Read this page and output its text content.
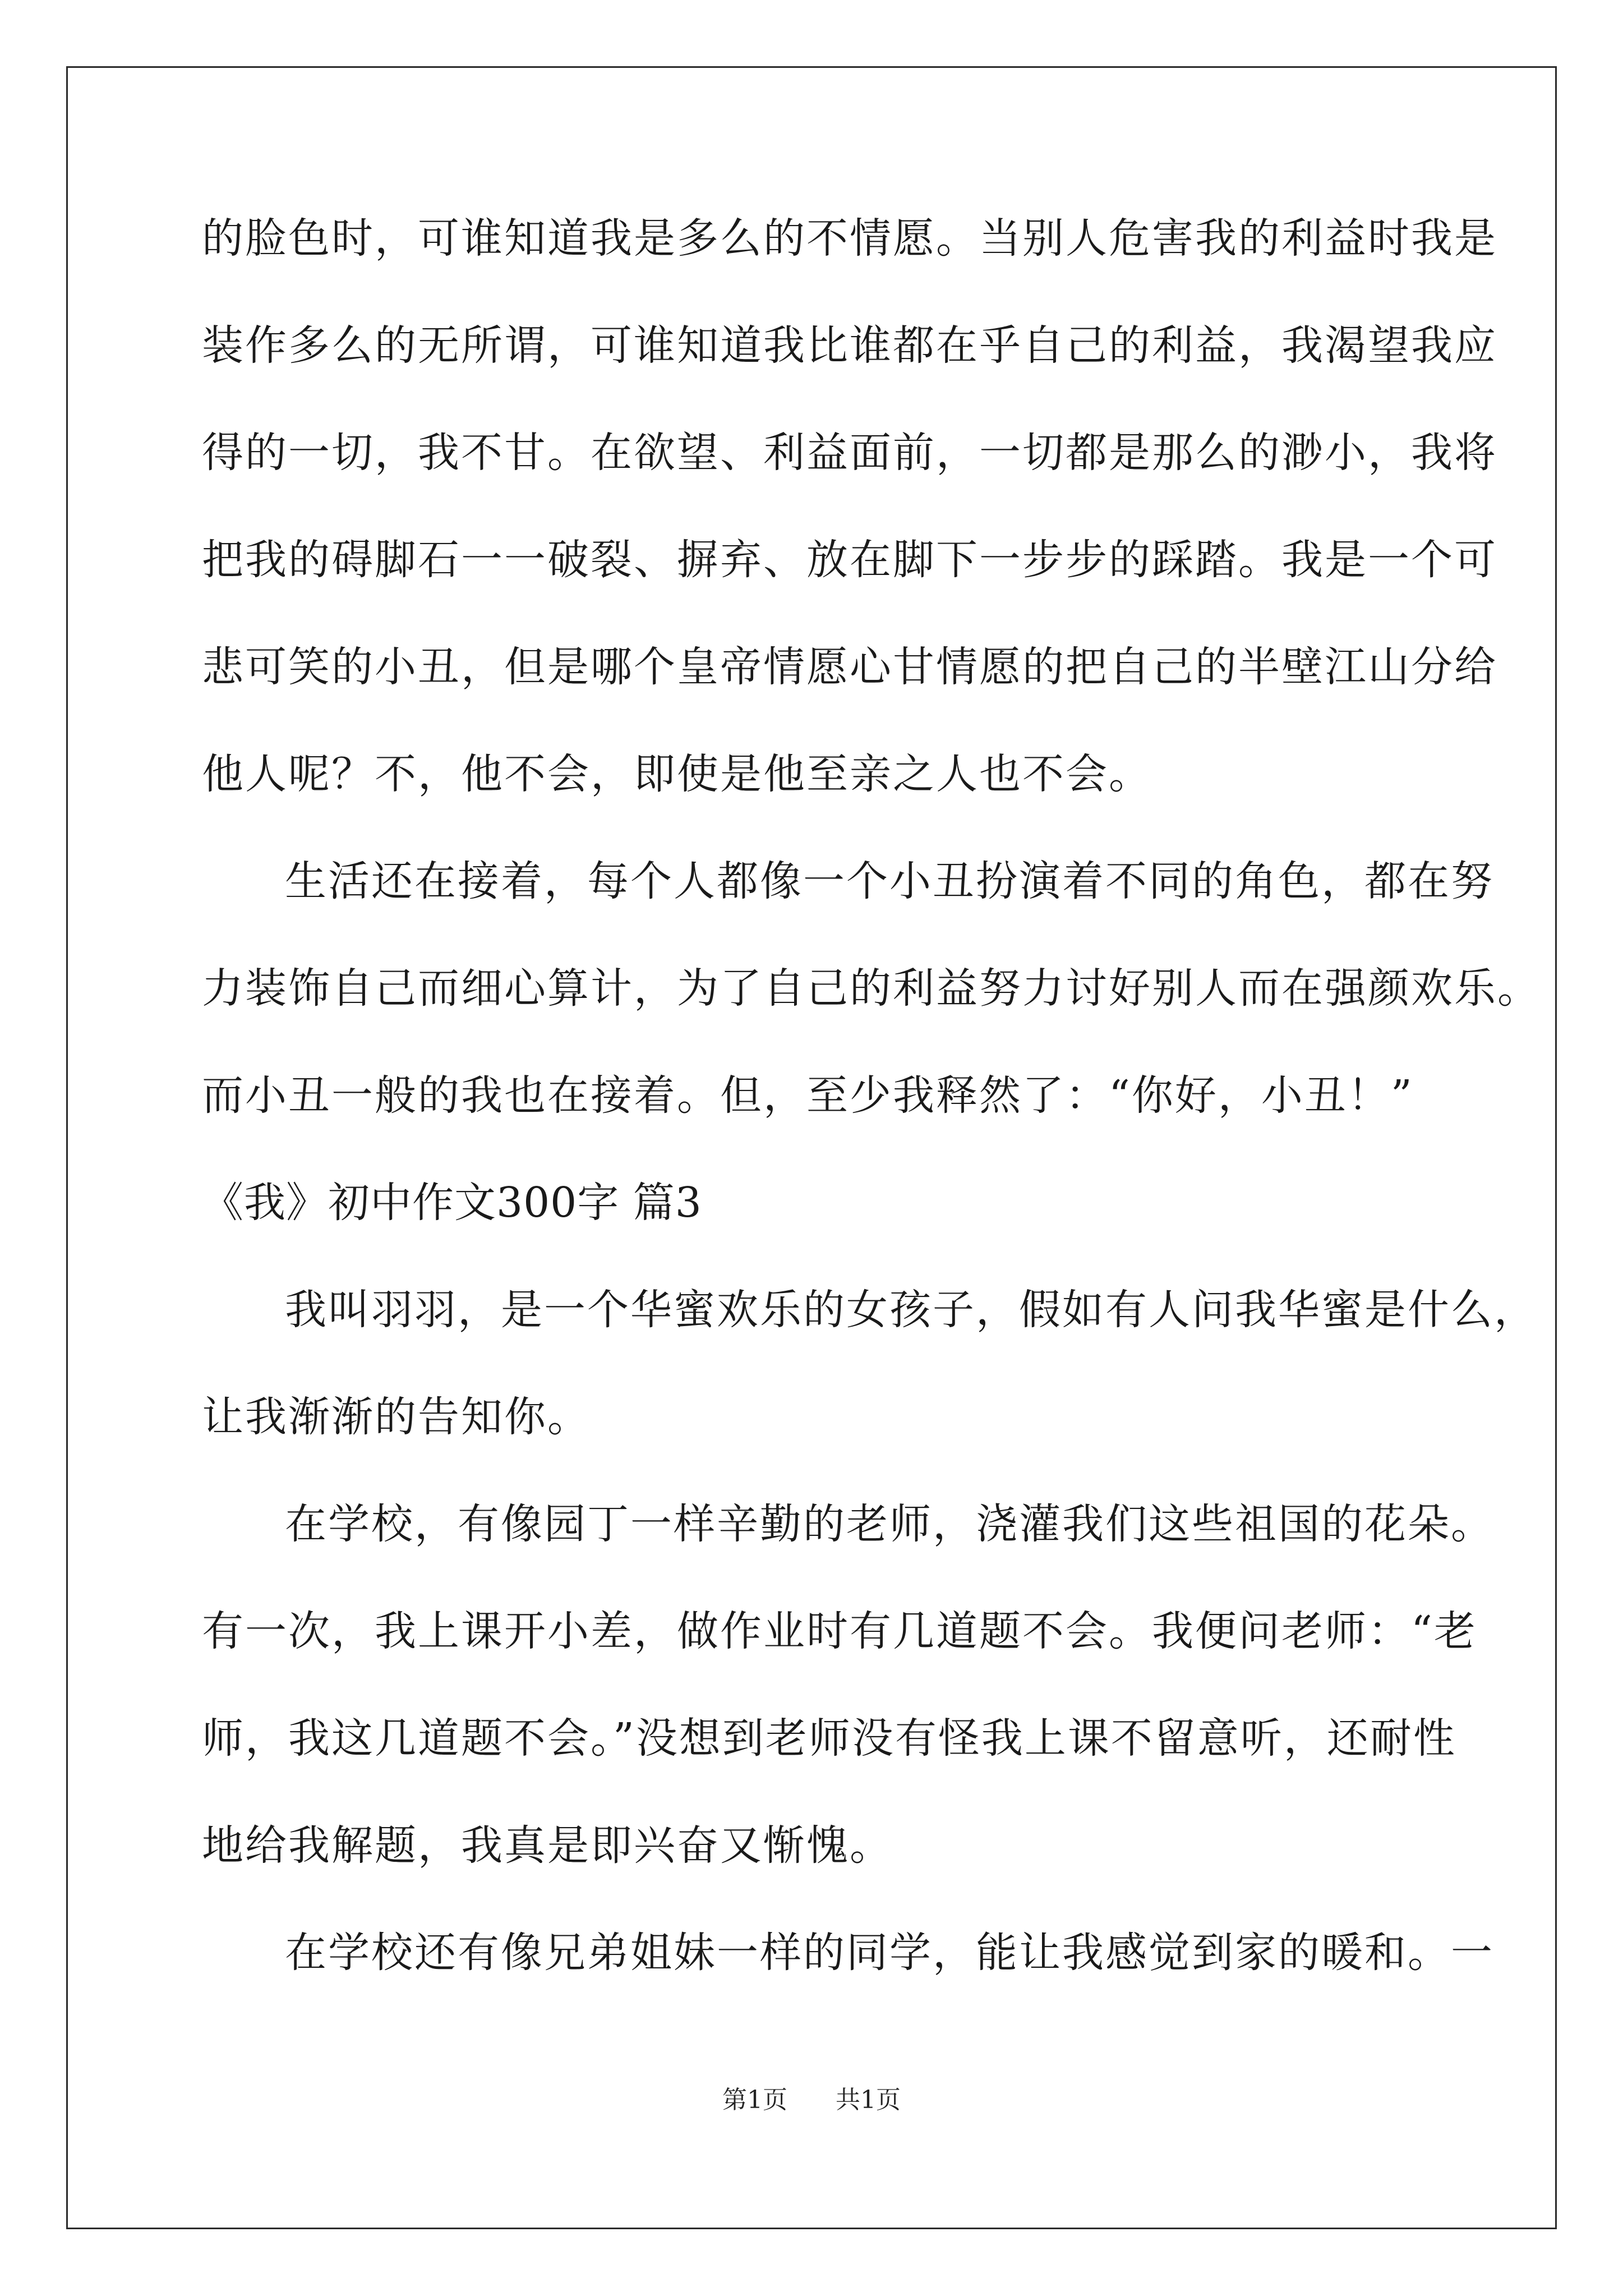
的脸色时，可谁知道我是多么的不情愿。当别人危害我的利益时我是
装作多么的无所谓，可谁知道我比谁都在乎自己的利益，我渴望我应
得的一切，我不甘。在欲望、利益面前，一切都是那么的渺小，我将
把我的碍脚石一一破裂、摒弃、放在脚下一步步的踩踏。我是一个可
悲可笑的小丑，但是哪个皇帝情愿心甘情愿的把自己的半壁江山分给
他人呢？不，他不会，即使是他至亲之人也不会。
生活还在接着，每个人都像一个小丑扮演着不同的角色，都在努
力装饰自己而细心算计，为了自己的利益努力讨好别人而在强颜欢乐。
而小丑一般的我也在接着。但，至少我释然了：“你好，小丑！”
《我》初中作文300字 篇3
我叫羽羽，是一个华蜜欢乐的女孩子，假如有人问我华蜜是什么，
让我渐渐的告知你。
在学校，有像园丁一样辛勤的老师，浇灌我们这些祖国的花朵。
有一次，我上课开小差，做作业时有几道题不会。我便问老师：“老
师，我这几道题不会。”没想到老师没有怪我上课不留意听，还耐性
地给我解题，我真是即兴奋又惭愧。
在学校还有像兄弟姐妹一样的同学，能让我感觉到家的暖和。一
第1页 共1页
